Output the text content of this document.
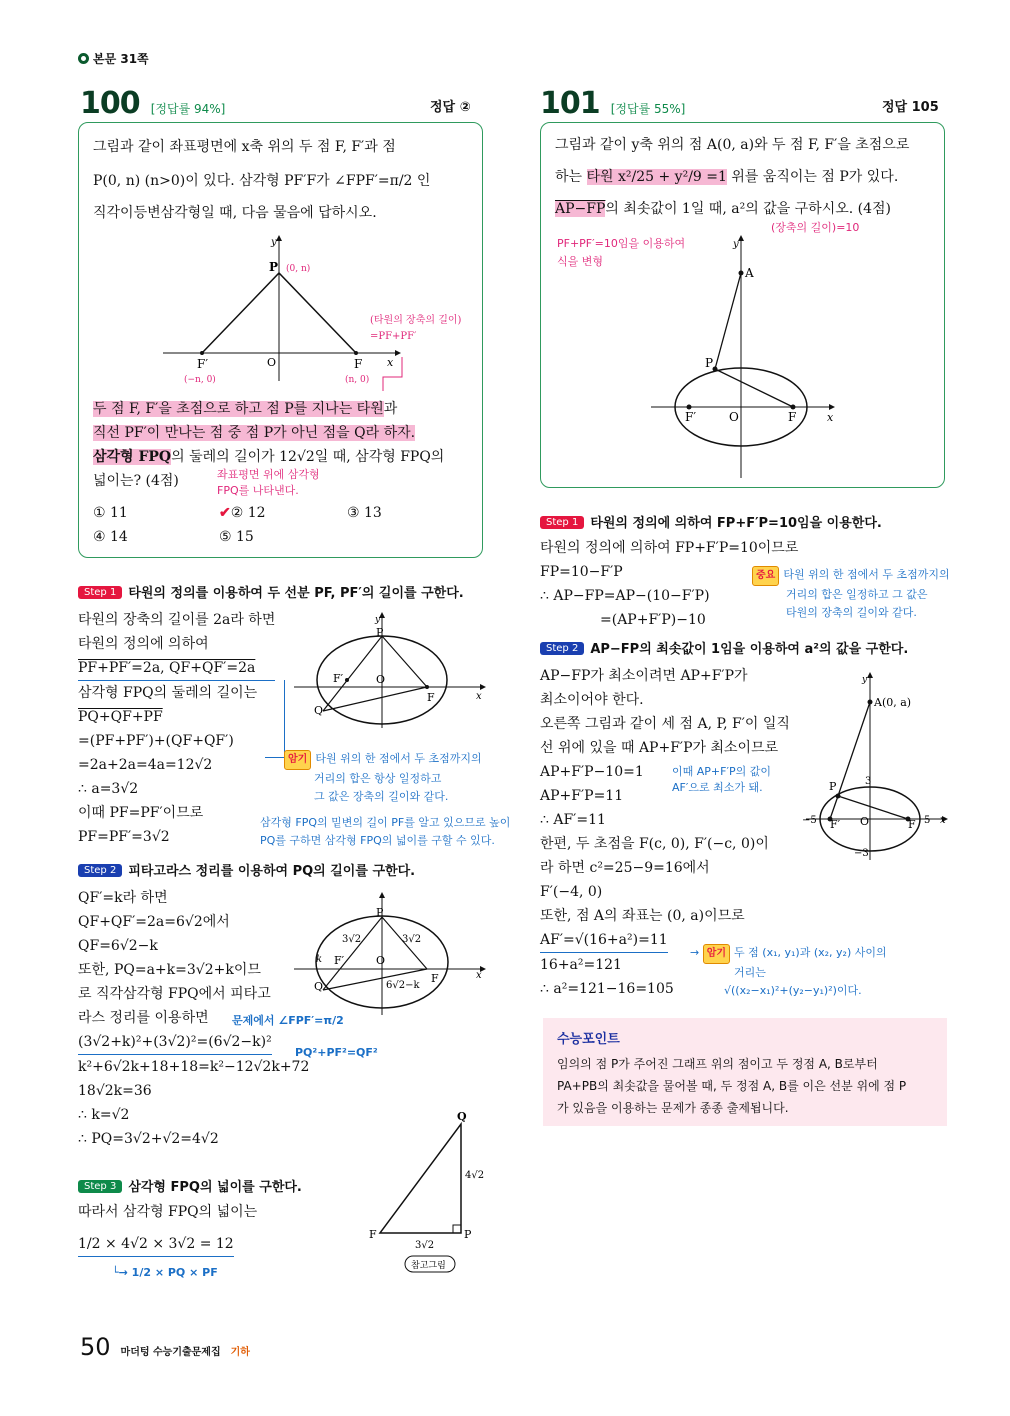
본문 31쪽
100 [정답률 94%]	정답 ②
그림과 같이 좌표평면에 x축 위의 두 점 F, F′과 점
P(0, n) (n>0)이 있다. 삼각형 PF′F가 ∠FPF′=π/2 인
직각이등변삼각형일 때, 다음 물음에 답하시오.
y
P (0, n)
F′
(−n, 0)
O	F
(n, 0)
x
(타원의 장축의 길이)
=PF+PF′
두 점 F, F′을 초점으로 하고 점 P를 지나는 타원과
직선 PF′이 만나는 점 중 점 P가 아닌 점을 Q라 하자.
삼각형 FPQ의 둘레의 길이가 12√2일 때, 삼각형 FPQ의
넓이는? (4점)	좌표평면 위에 삼각형
FPQ를 나타낸다.
① 11	✔② 12	③ 13
④ 14	⑤ 15
Step 1 타원의 정의를 이용하여 두 선분 PF, PF′의 길이를 구한다.
타원의 장축의 길이를 2a라 하면
타원의 정의에 의하여
PF+PF′=2a, QF+QF′=2a
삼각형 FPQ의 둘레의 길이는
PQ+QF+PF
=(PF+PF′)+(QF+QF′)
=2a+2a=4a=12√2
∴ a=3√2
이때 PF=PF′이므로
PF=PF′=3√2
P
F′	O
F
Q
x
y
암기 타원 위의 한 점에서 두 초점까지의
거리의 합은 항상 일정하고
그 값은 장축의 길이와 같다.
삼각형 FPQ의 밑변의 길이 PF를 알고 있으므로 높이
PQ를 구하면 삼각형 FPQ의 넓이를 구할 수 있다.
Step 2 피타고라스 정리를 이용하여 PQ의 길이를 구한다.
QF′=k라 하면
QF+QF′=2a=6√2에서
QF=6√2−k
또한, PQ=a+k=3√2+k이므
로 직각삼각형 FPQ에서 피타고
라스 정리를 이용하면
(3√2+k)²+(3√2)²=(6√2−k)²
k²+6√2k+18+18=k²−12√2k+72
18√2k=36
∴ k=√2
∴ PQ=3√2+√2=4√2
문제에서 ∠FPF′=π/2
PQ²+PF²=QF²
P
F′	O
F
Q
x
3√2	3√2
k
6√2−k
Step 3 삼각형 FPQ의 넓이를 구한다.
따라서 삼각형 FPQ의 넓이는
1/2 × 4√2 × 3√2 = 12
└→ 1/2 × PQ × PF
Q
F	P
4√2
3√2
참고그림
101 [정답률 55%]	정답 105
그림과 같이 y축 위의 점 A(0, a)와 두 점 F, F′을 초점으로
하는 타원 x²/25 + y²/9 =1 위를 움직이는 점 P가 있다.
AP−FP의 최솟값이 1일 때, a²의 값을 구하시오. (4점)
(장축의 길이)=10
PF+PF′=10임을 이용하여
식을 변형
y
A
P
F′	O	F	x
Step 1 타원의 정의에 의하여 FP+F′P=10임을 이용한다.
타원의 정의에 의하여 FP+F′P=10이므로
FP=10−F′P
∴ AP−FP=AP−(10−F′P)
=(AP+F′P)−10
중요 타원 위의 한 점에서 두 초점까지의
거리의 합은 일정하고 그 값은
타원의 장축의 길이와 같다.
Step 2 AP−FP의 최솟값이 1임을 이용하여 a²의 값을 구한다.
AP−FP가 최소이려면 AP+F′P가
최소이어야 한다.
오른쪽 그림과 같이 세 점 A, P, F′이 일직
선 위에 있을 때 AP+F′P가 최소이므로
AP+F′P−10=1
AP+F′P=11
∴ AF′=11
한편, 두 초점을 F(c, 0), F′(−c, 0)이
라 하면 c²=25−9=16에서
F′(−4, 0)
또한, 점 A의 좌표는 (0, a)이므로
AF′=√(16+a²)=11
16+a²=121
∴ a²=121−16=105
이때 AP+F′P의 값이
AF′으로 최소가 돼.
→ 암기 두 점 (x₁, y₁)과 (x₂, y₂) 사이의
거리는
√((x₂−x₁)²+(y₂−y₁)²)이다.
y
A(0, a)
P	3
−5 F′ O	F 5 x
−3
수능포인트

임의의 점 P가 주어진 그래프 위의 점이고 두 정점 A, B로부터

PA+PB의 최솟값을 물어볼 때, 두 정점 A, B를 이은 선분 위에 점 P

가 있음을 이용하는 문제가 종종 출제됩니다.

50 마더텅 수능기출문제집 기하
